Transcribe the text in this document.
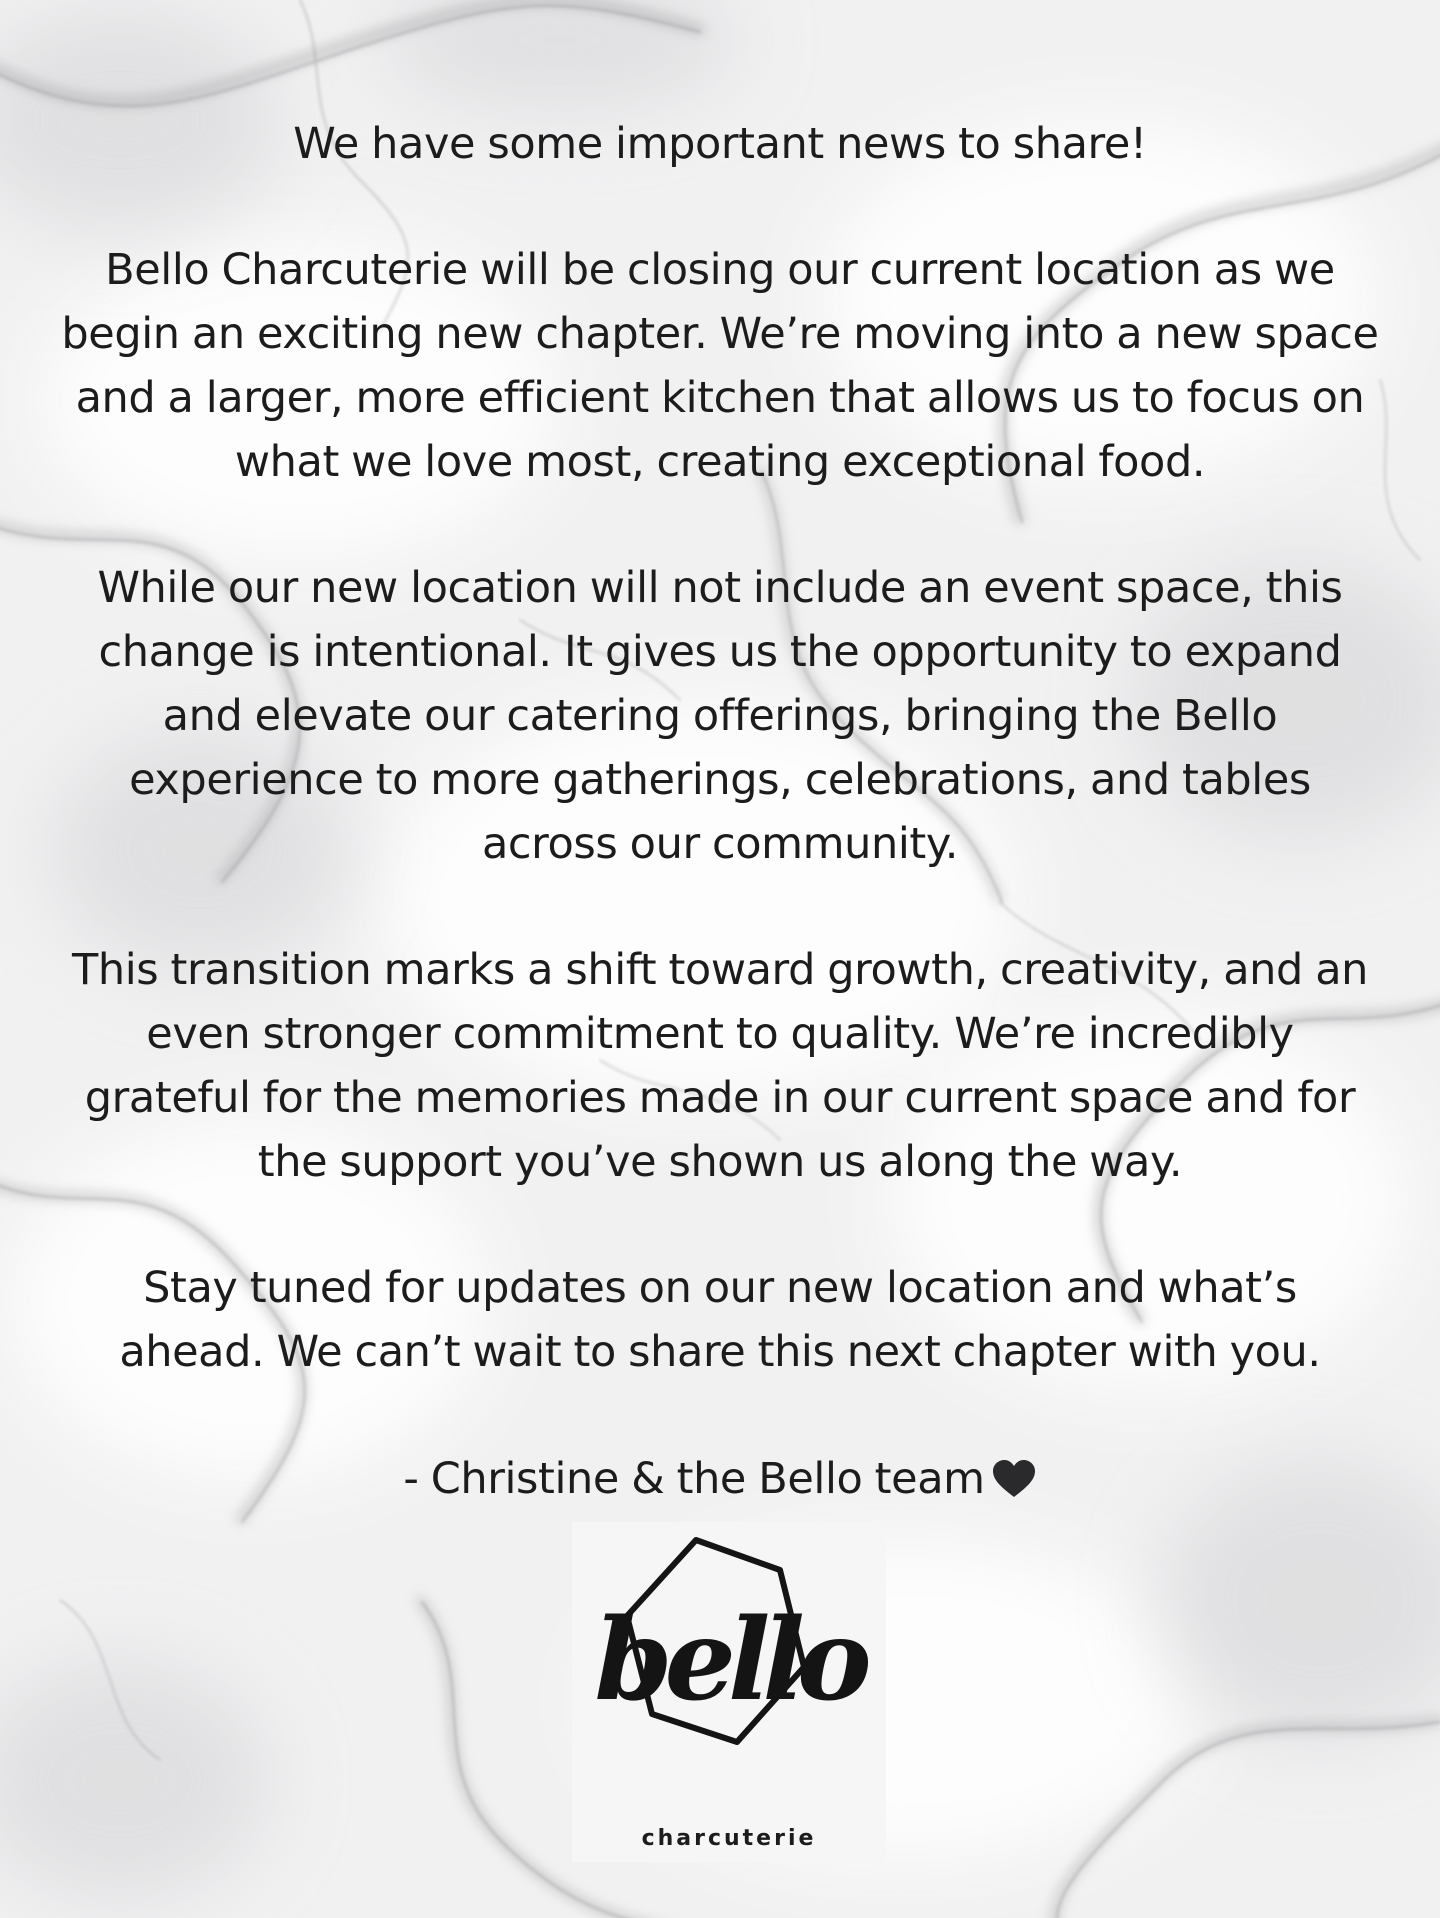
We have some important news to share!

Bello Charcuterie will be closing our current location as we
begin an exciting new chapter. We’re moving into a new space
and a larger, more efficient kitchen that allows us to focus on
what we love most, creating exceptional food.

While our new location will not include an event space, this
change is intentional. It gives us the opportunity to expand
and elevate our catering offerings, bringing the Bello
experience to more gatherings, celebrations, and tables
across our community.

This transition marks a shift toward growth, creativity, and an
even stronger commitment to quality. We’re incredibly
grateful for the memories made in our current space and for
the support you’ve shown us along the way.

Stay tuned for updates on our new location and what’s
ahead. We can’t wait to share this next chapter with you.

- Christine & the Bello team

bello
charcuterie
